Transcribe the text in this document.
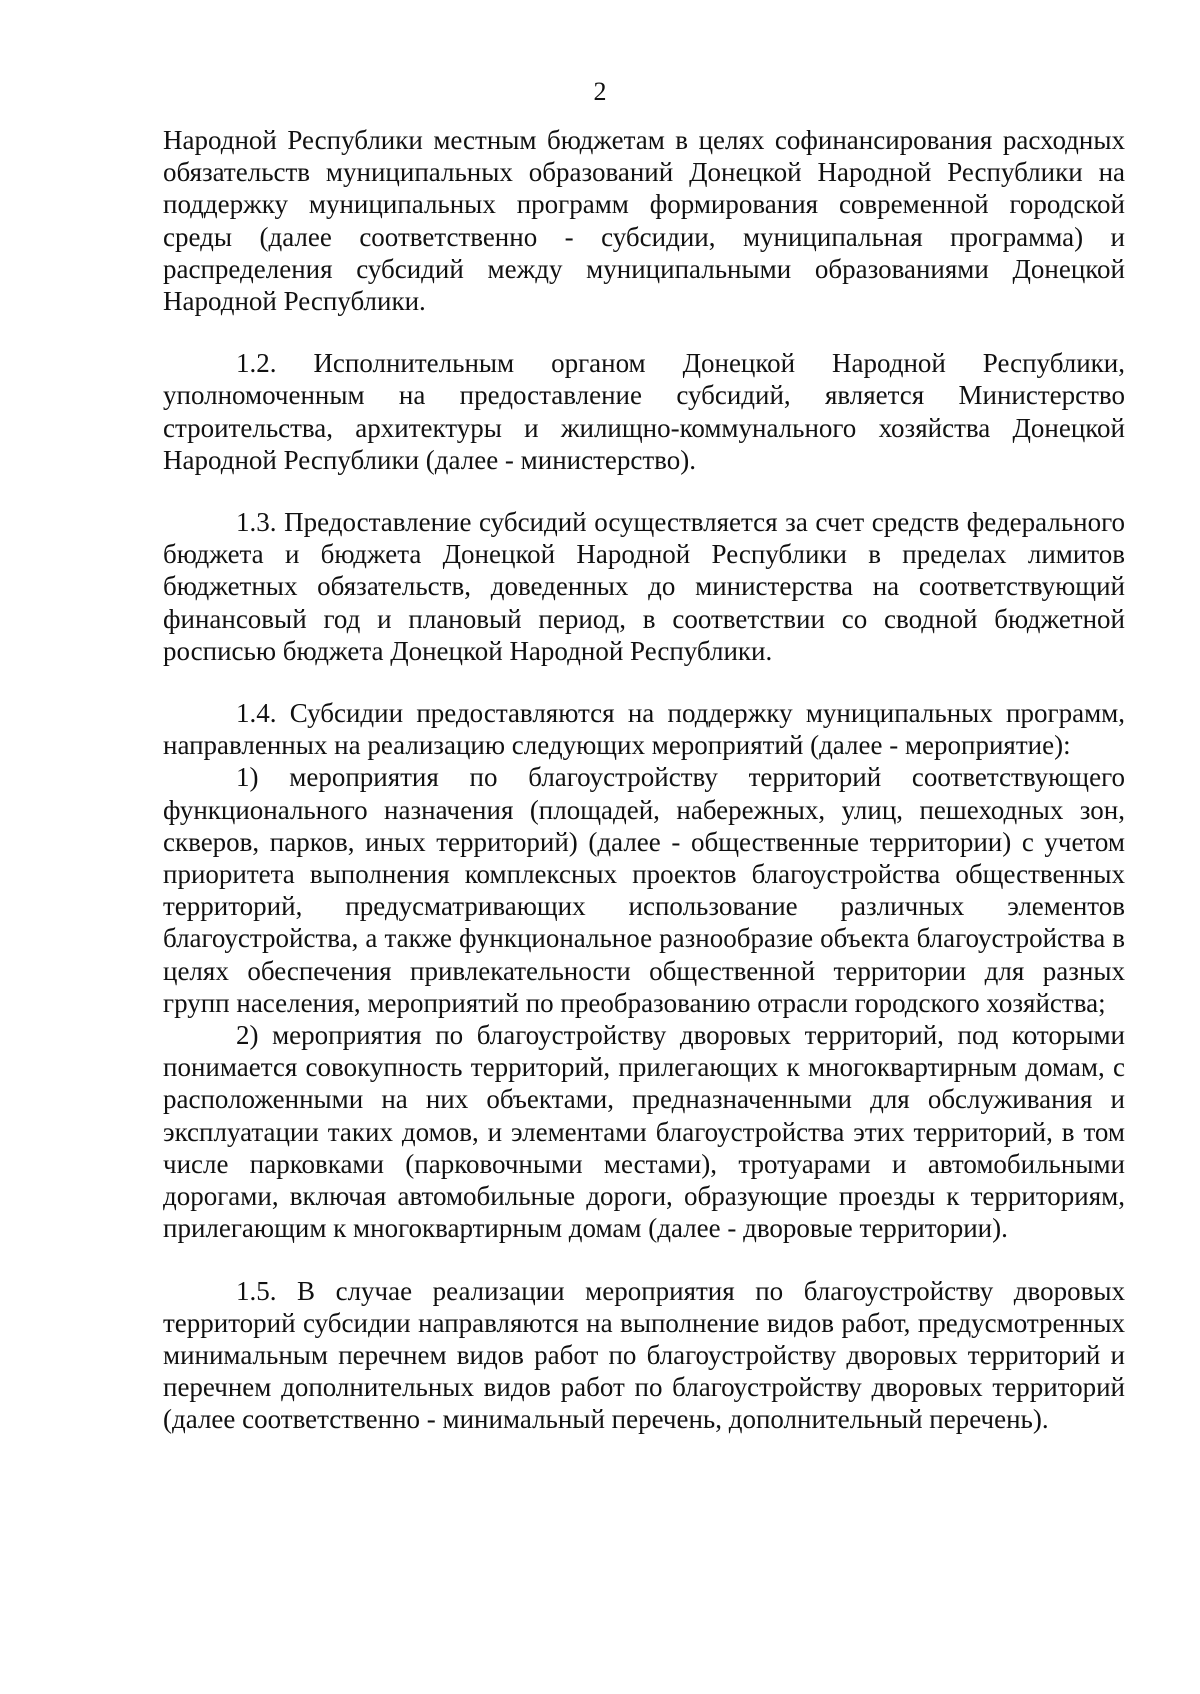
2

Народной Республики местным бюджетам в целях софинансирования расходных обязательств муниципальных образований Донецкой Народной Республики на поддержку муниципальных программ формирования современной городской среды (далее соответственно - субсидии, муниципальная программа) и распределения субсидий между муниципальными образованиями Донецкой Народной Республики.

1.2. Исполнительным органом Донецкой Народной Республики, уполномоченным на предоставление субсидий, является Министерство строительства, архитектуры и жилищно-коммунального хозяйства Донецкой Народной Республики (далее - министерство).

1.3. Предоставление субсидий осуществляется за счет средств федерального бюджета и бюджета Донецкой Народной Республики в пределах лимитов бюджетных обязательств, доведенных до министерства на соответствующий финансовый год и плановый период, в соответствии со сводной бюджетной росписью бюджета Донецкой Народной Республики.

1.4. Субсидии предоставляются на поддержку муниципальных программ, направленных на реализацию следующих мероприятий (далее - мероприятие):

1) мероприятия по благоустройству территорий соответствующего функционального назначения (площадей, набережных, улиц, пешеходных зон, скверов, парков, иных территорий) (далее - общественные территории) с учетом приоритета выполнения комплексных проектов благоустройства общественных территорий, предусматривающих использование различных элементов благоустройства, а также функциональное разнообразие объекта благоустройства в целях обеспечения привлекательности общественной территории для разных групп населения, мероприятий по преобразованию отрасли городского хозяйства;

2) мероприятия по благоустройству дворовых территорий, под которыми понимается совокупность территорий, прилегающих к многоквартирным домам, с расположенными на них объектами, предназначенными для обслуживания и эксплуатации таких домов, и элементами благоустройства этих территорий, в том числе парковками (парковочными местами), тротуарами и автомобильными дорогами, включая автомобильные дороги, образующие проезды к территориям, прилегающим к многоквартирным домам (далее - дворовые территории).

1.5. В случае реализации мероприятия по благоустройству дворовых территорий субсидии направляются на выполнение видов работ, предусмотренных минимальным перечнем видов работ по благоустройству дворовых территорий и перечнем дополнительных видов работ по благоустройству дворовых территорий (далее соответственно - минимальный перечень, дополнительный перечень).
